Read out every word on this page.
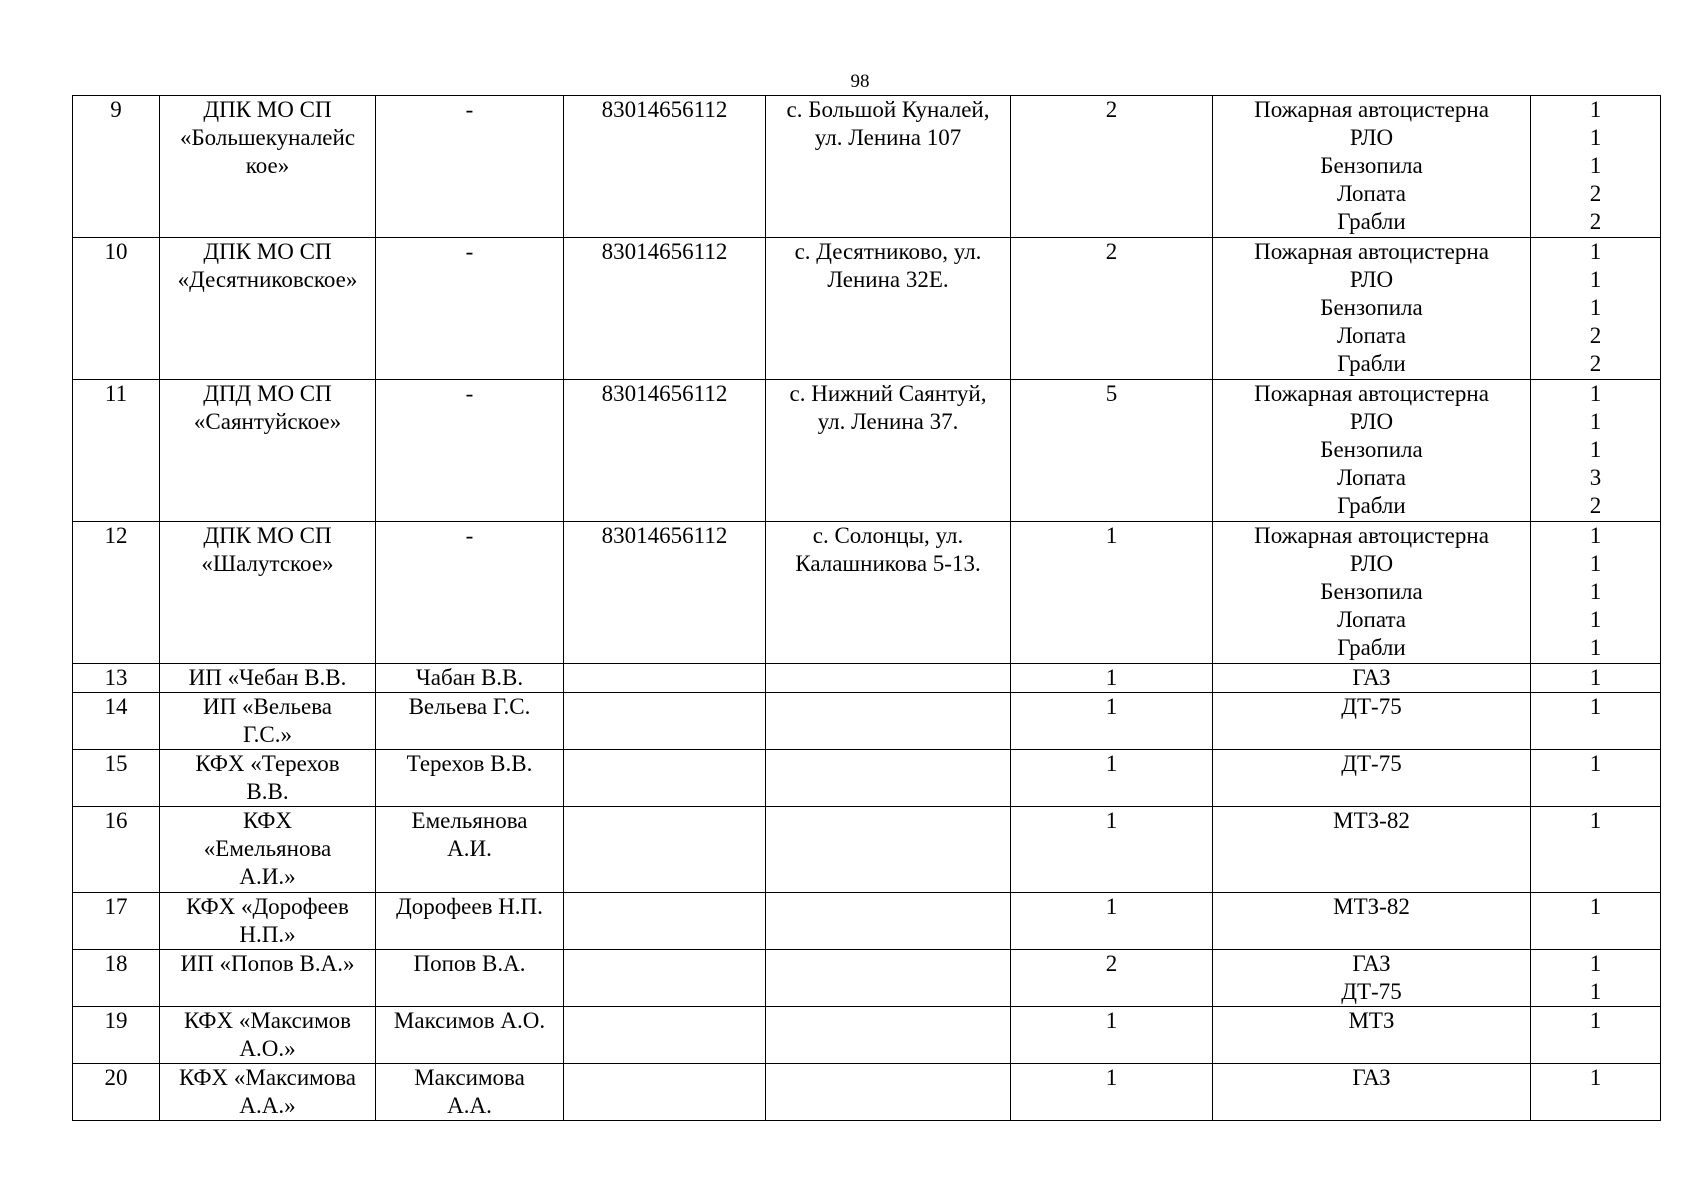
98
9	ДПК МО СП
«Большекуналейс
кое»	-	83014656112	с. Большой Куналей,
ул. Ленина 107	2	Пожарная автоцистерна
РЛО
Бензопила
Лопата
Грабли	1
1
1
2
2

10	ДПК МО СП
«Десятниковское»	-	83014656112	с. Десятниково, ул.
Ленина 32Е.	2	Пожарная автоцистерна
РЛО
Бензопила
Лопата
Грабли	1
1
1
2
2

11	ДПД МО СП
«Саянтуйское»	-	83014656112	с. Нижний Саянтуй,
ул. Ленина 37.	5	Пожарная автоцистерна
РЛО
Бензопила
Лопата
Грабли	1
1
1
3
2

12	ДПК МО СП
«Шалутское»	-	83014656112	с. Солонцы, ул.
Калашникова 5-13.	1	Пожарная автоцистерна
РЛО
Бензопила
Лопата
Грабли	1
1
1
1
1

13	ИП «Чебан В.В.	Чабан В.В.			1	ГАЗ	1

14	ИП «Вельева
Г.С.»	Вельева Г.С.			1	ДТ-75	1

15	КФХ «Терехов
В.В.	Терехов В.В.			1	ДТ-75	1

16	КФХ
«Емельянова
А.И.»	Емельянова
А.И.			1	МТЗ-82	1

17	КФХ «Дорофеев
Н.П.»	Дорофеев Н.П.			1	МТЗ-82	1

18	ИП «Попов В.А.»	Попов В.А.			2	ГАЗ
ДТ-75	1
1

19	КФХ «Максимов
А.О.»	Максимов А.О.			1	МТЗ	1

20	КФХ «Максимова
А.А.»	Максимова
А.А.			1	ГАЗ	1
